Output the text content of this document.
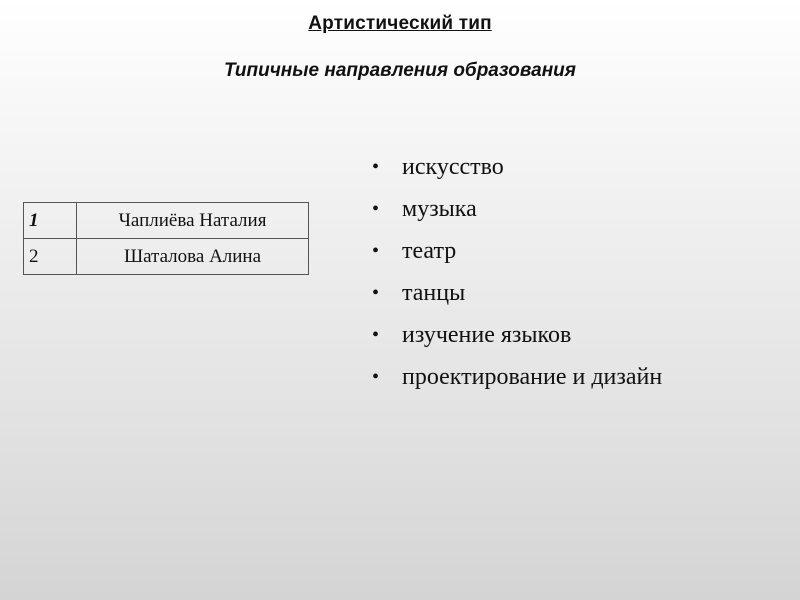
Артистический тип
Типичные направления образования
1	Чаплиёва Наталия
2	Шаталова Алина
• искусство
• музыка
• театр
• танцы
• изучение языков
• проектирование и дизайн
